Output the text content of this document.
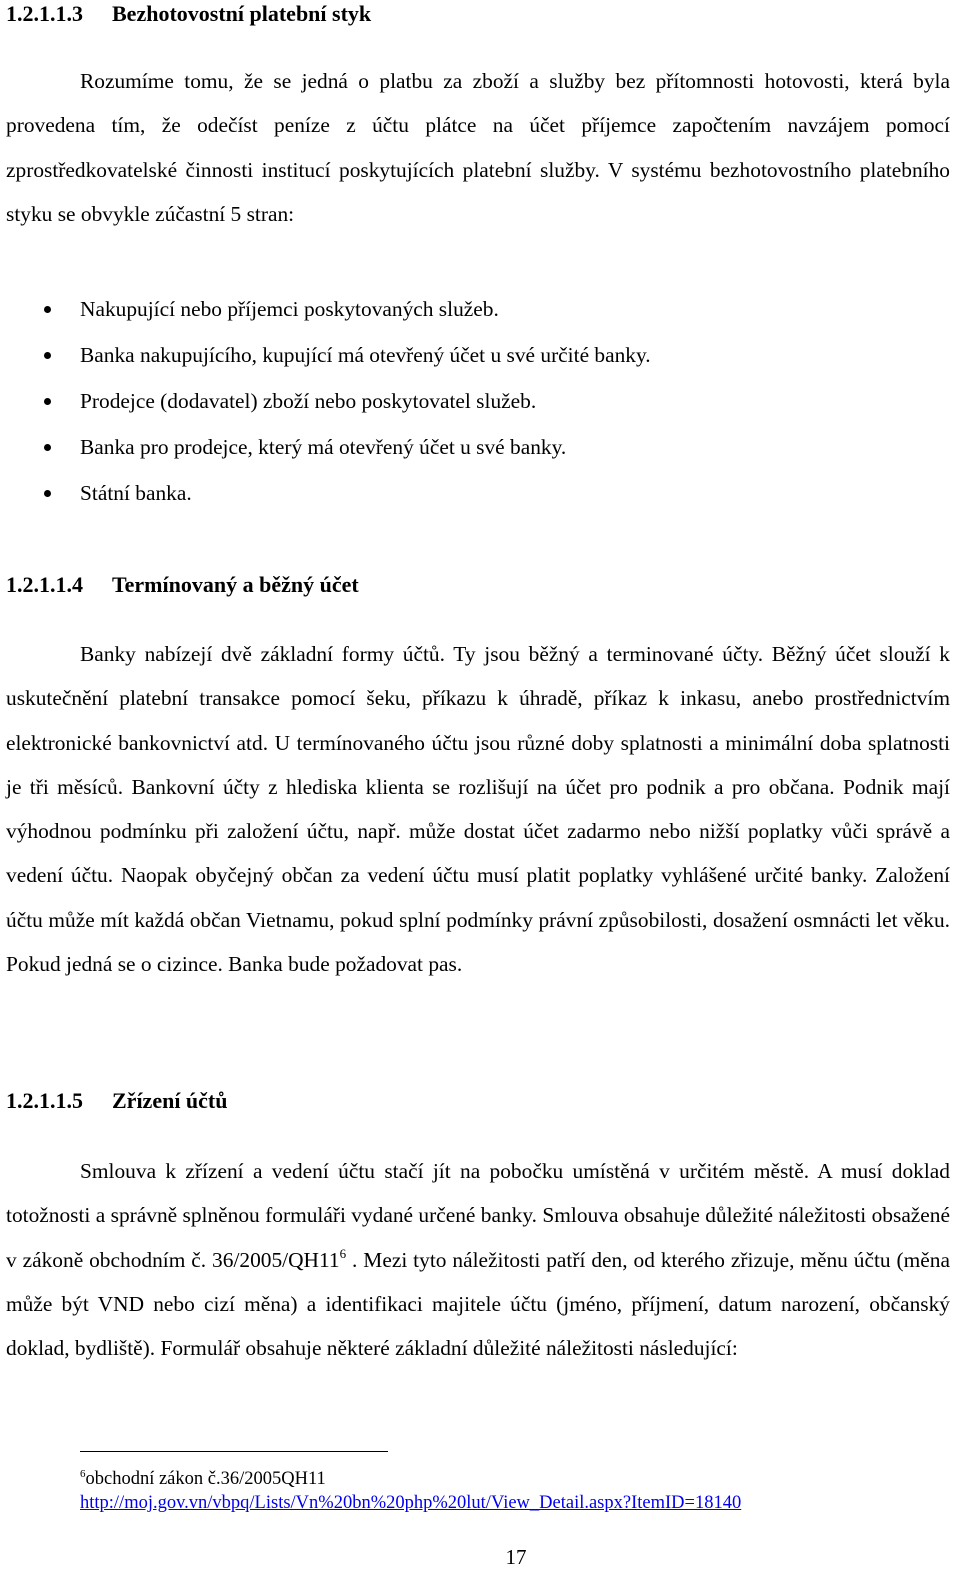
1.2.1.1.3 Bezhotovostní platební styk

Rozumíme tomu, že se jedná o platbu za zboží a služby bez přítomnosti hotovosti, která byla provedena tím, že odečíst peníze z účtu plátce na účet příjemce započtením navzájem pomocí zprostředkovatelské činnosti institucí poskytujících platební služby. V systému bezhotovostního platebního styku se obvykle zúčastní 5 stran:

Nakupující nebo příjemci poskytovaných služeb.
Banka nakupujícího, kupující má otevřený účet u své určité banky.
Prodejce (dodavatel) zboží nebo poskytovatel služeb.
Banka pro prodejce, který má otevřený účet u své banky.
Státní banka.
1.2.1.1.4 Termínovaný a běžný účet

Banky nabízejí dvě základní formy účtů. Ty jsou běžný a terminované účty. Běžný účet slouží k uskutečnění platební transakce pomocí šeku, příkazu k úhradě, příkaz k inkasu, anebo prostřednictvím elektronické bankovnictví atd. U termínovaného účtu jsou různé doby splatnosti a minimální doba splatnosti je tři měsíců. Bankovní účty z hlediska klienta se rozlišují na účet pro podnik a pro občana. Podnik mají výhodnou podmínku při založení účtu, např. může dostat účet zadarmo nebo nižší poplatky vůči správě a vedení účtu. Naopak obyčejný občan za vedení účtu musí platit poplatky vyhlášené určité banky. Založení účtu může mít každá občan Vietnamu, pokud splní podmínky právní způsobilosti, dosažení osmnácti let věku. Pokud jedná se o cizince. Banka bude požadovat pas.

1.2.1.1.5 Zřízení účtů

Smlouva k zřízení a vedení účtu stačí jít na pobočku umístěná v určitém městě. A musí doklad totožnosti a správně splněnou formuláři vydané určené banky. Smlouva obsahuje důležité náležitosti obsažené v zákoně obchodním č. $36/2005/QH11^6$ . Mezi tyto náležitosti patří den, od kterého zřizuje, měnu účtu (měna může být VND nebo cizí měna) a identifikaci majitele účtu (jméno, příjmení, datum narození, občanský doklad, bydliště). Formulář obsahuje některé základní důležité náležitosti následující:

$^6$obchodní zákon č.36/2005QH11
http://moj.gov.vn/vbpq/Lists/Vn%20bn%20php%20lut/View_Detail.aspx?ItemID=18140
17
